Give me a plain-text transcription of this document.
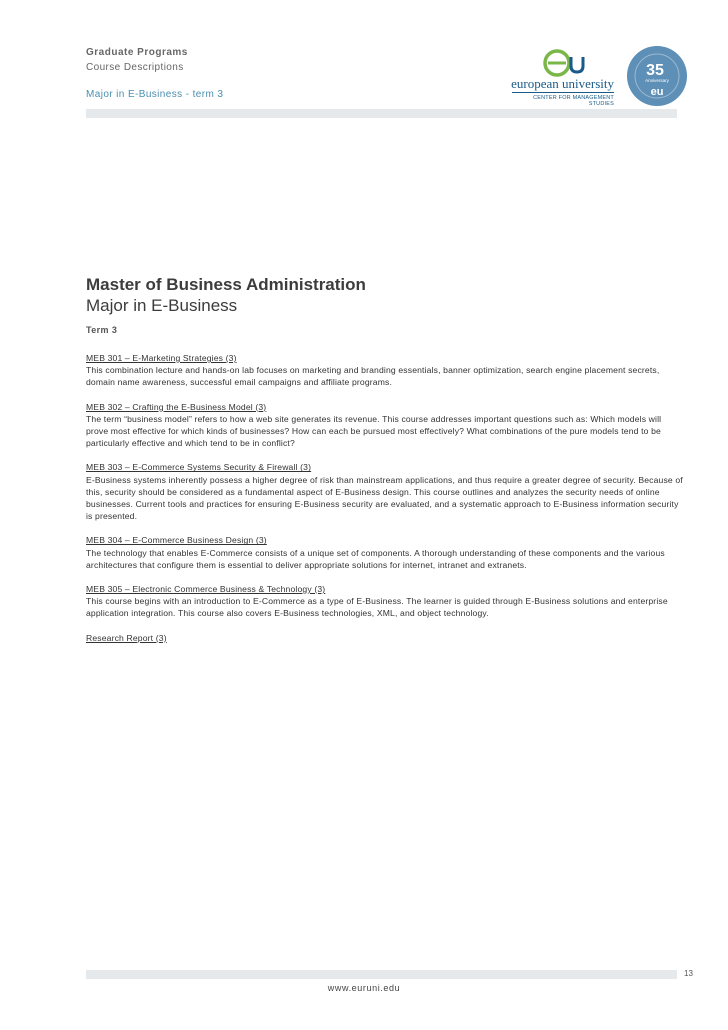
Graduate Programs
Course Descriptions
Major in E-Business - term 3
european university
CENTER FOR MANAGEMENT STUDIES
35
Anniversary
eu
Master of Business Administration
Major in E-Business
Term 3
MEB 301 – E-Marketing Strategies (3)
This combination lecture and hands-on lab focuses on marketing and branding essentials, banner optimization, search engine placement secrets, domain name awareness, successful email campaigns and affiliate programs.
MEB 302 – Crafting the E-Business Model (3)
The term “business model” refers to how a web site generates its revenue. This course addresses important questions such as: Which models will prove most effective for which kinds of businesses? How can each be pursued most effectively? What combinations of the pure models tend to be particularly effective and which tend to be in conflict?
MEB 303 – E-Commerce Systems Security & Firewall (3)
E-Business systems inherently possess a higher degree of risk than mainstream applications, and thus require a greater degree of security. Because of this, security should be considered as a fundamental aspect of E-Business design. This course outlines and analyzes the security needs of online businesses. Current tools and practices for ensuring E-Business security are evaluated, and a systematic approach to E-Business information security is presented.
MEB 304 – E-Commerce Business Design (3)
The technology that enables E-Commerce consists of a unique set of components. A thorough understanding of these components and the various architectures that configure them is essential to deliver appropriate solutions for internet, intranet and extranets.
MEB 305 – Electronic Commerce Business & Technology (3)
This course begins with an introduction to E-Commerce as a type of E-Business. The learner is guided through E-Business solutions and enterprise application integration. This course also covers E-Business technologies, XML, and object technology.
Research Report (3)
13
www.euruni.edu
